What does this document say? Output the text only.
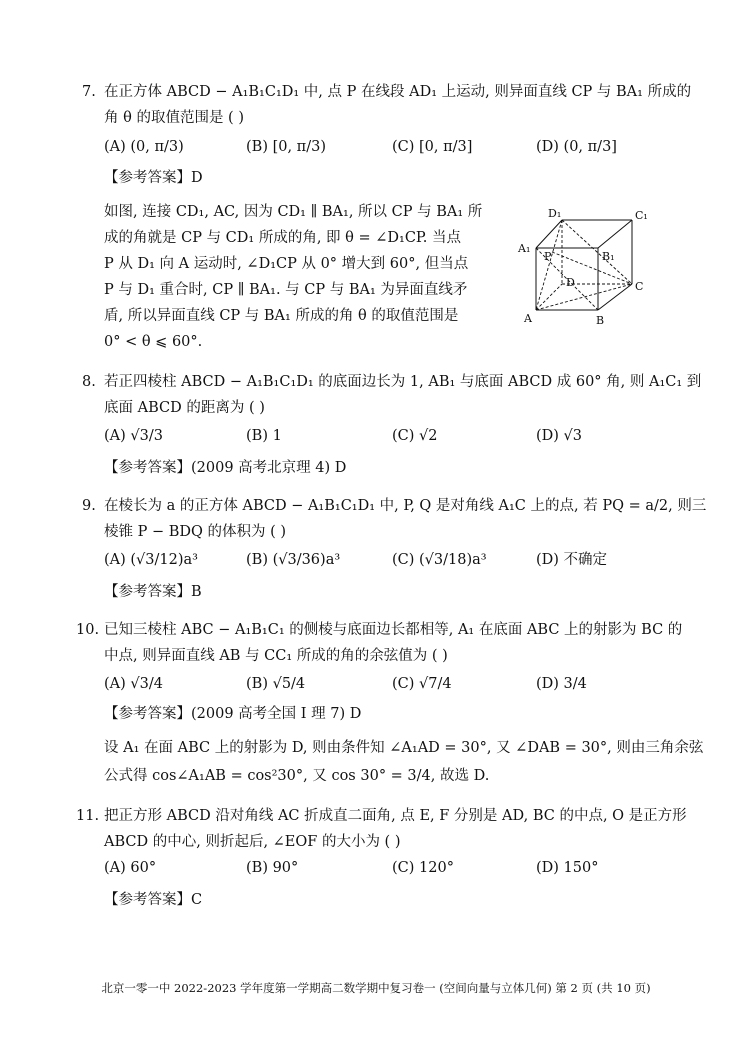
7. 在正方体 ABCD − A₁B₁C₁D₁ 中, 点 P 在线段 AD₁ 上运动, 则异面直线 CP 与 BA₁ 所成的
角 θ 的取值范围是 ( )
(A) (0, π/3)	(B) [0, π/3)	(C) [0, π/3]	(D) (0, π/3]
【参考答案】D
如图, 连接 CD₁, AC, 因为 CD₁ ∥ BA₁, 所以 CP 与 BA₁ 所
成的角就是 CP 与 CD₁ 所成的角, 即 θ = ∠D₁CP. 当点
P 从 D₁ 向 A 运动时, ∠D₁CP 从 0° 增大到 60°, 但当点
P 与 D₁ 重合时, CP ∥ BA₁. 与 CP 与 BA₁ 为异面直线矛
盾, 所以异面直线 CP 与 BA₁ 所成的角 θ 的取值范围是
0° < θ ⩽ 60°.
D₁	C₁
A₁
B₁
P
D	C
A	B
8. 若正四棱柱 ABCD − A₁B₁C₁D₁ 的底面边长为 1, AB₁ 与底面 ABCD 成 60° 角, 则 A₁C₁ 到
底面 ABCD 的距离为 ( )
(A) √3/3	(B) 1	(C) √2	(D) √3
【参考答案】(2009 高考北京理 4) D
9. 在棱长为 a 的正方体 ABCD − A₁B₁C₁D₁ 中, P, Q 是对角线 A₁C 上的点, 若 PQ = a/2, 则三
棱锥 P − BDQ 的体积为 ( )
(A) (√3/12)a³	(B) (√3/36)a³	(C) (√3/18)a³	(D) 不确定
【参考答案】B
10. 已知三棱柱 ABC − A₁B₁C₁ 的侧棱与底面边长都相等, A₁ 在底面 ABC 上的射影为 BC 的
中点, 则异面直线 AB 与 CC₁ 所成的角的余弦值为 ( )
(A) √3/4	(B) √5/4	(C) √7/4	(D) 3/4
【参考答案】(2009 高考全国 Ⅰ 理 7) D
设 A₁ 在面 ABC 上的射影为 D, 则由条件知 ∠A₁AD = 30°, 又 ∠DAB = 30°, 则由三角余弦
公式得 cos∠A₁AB = cos²30°, 又 cos 30° = 3/4, 故选 D.
11. 把正方形 ABCD 沿对角线 AC 折成直二面角, 点 E, F 分别是 AD, BC 的中点, O 是正方形
ABCD 的中心, 则折起后, ∠EOF 的大小为 ( )
(A) 60°	(B) 90°	(C) 120°	(D) 150°
【参考答案】C
北京一零一中 2022-2023 学年度第一学期高二数学期中复习卷一 (空间向量与立体几何) 第 2 页 (共 10 页)
